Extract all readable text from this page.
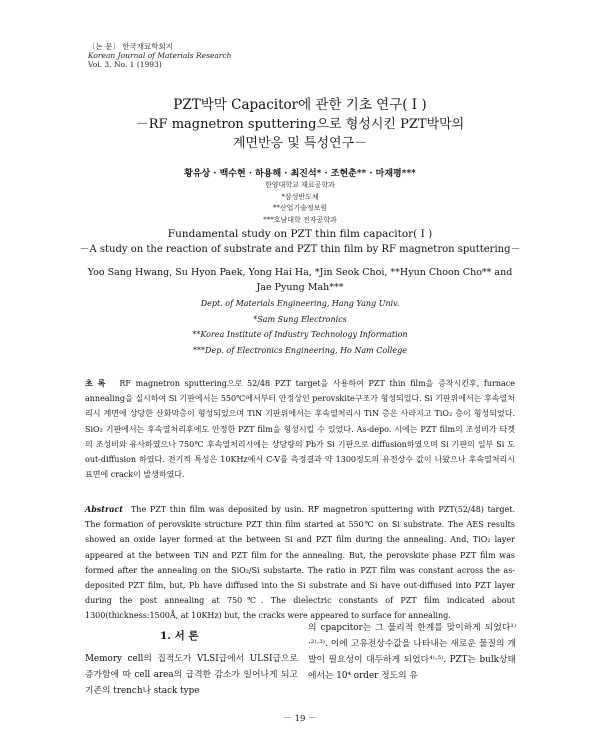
〔논 문〕 한국재료학회지
Korean Journal of Materials Research
Vol. 3, No. 1 (1993)
PZT박막 Capacitor에 관한 기초 연구( I )
－RF magnetron sputtering으로 형성시킨 PZT박막의
계면반응 및 특성연구－
황유상 · 백수현 · 하용해 · 최진석* · 조현춘** · 마재평***
한양대학교 재료공학과
*삼성반도체
**산업기술정보원
***호남대학 전자공학과
Fundamental study on PZT thin film capacitor( I )
－A study on the reaction of substrate and PZT thin film by RF magnetron sputtering－
Yoo Sang Hwang, Su Hyon Paek, Yong Hai Ha, *Jin Seok Choi, **Hyun Choon Cho** and
Jae Pyung Mah***
Dept. of Materials Engineering, Hang Yang Univ.
*Sam Sung Electronics
**Korea Institute of Industry Technology Information
***Dep. of Electronics Engineering, Ho Nam College
초 록 RF magnetron sputtering으로 52/48 PZT target을 사용하여 PZT thin film을 증착시킨후, furnace annealing을 실시하여 Si 기판에서는 550℃에서부터 안정상인 perovskite구조가 형성되었다. Si 기판위에서는 후속열처리시 계면에 상당한 산화막층이 형성되었으며 TiN 기판위에서는 후속열처리시 TiN 층은 사라지고 TiO₂ 층이 형성되었다. SiO₂ 기판에서는 후속열처리후에도 안정한 PZT film을 형성시킬 수 있었다. As-depo. 시에는 PZT film의 조성비가 타겟의 조성비와 유사하였으나 750℃ 후속열처리시에는 상당량의 Pb가 Si 기판으로 diffusion하였으며 Si 기판의 일부 Si 도 out-diffusion 하였다. 전기적 특성은 10KHz에서 C-V를 측정결과 약 1300정도의 유전상수 값이 나왔으나 후속열처리시 표면에 crack이 발생하였다.
Abstract The PZT thin film was deposited by usin. RF magnetron sputtering with PZT(52/48) target. The formation of perovskite structure PZT thin film started at 550℃ on Si substrate. The AES results showed an oxide layer formed at the between Si and PZT film during the annealing. And, TiO₂ layer appeared at the between TiN and PZT film for the annealing. But, the perovskite phase PZT film was formed after the annealing on the SiO₂/Si substarte. The ratio in PZT film was constant across the as-deposited PZT film, but, Pb have diffused into the Si substrate and Si have out-diffused into PZT layer during the post annealing at 750℃. The dielectric constants of PZT film indicated about 1300(thickness:1500Å, at 10KHz) but, the cracks were appeared to surface for annealing.
1. 서 론
Memory cell의 집적도가 VLSI급에서 ULSI급으로 증가함에 따 cell area의 급격한 감소가 일어나게 되고 기존의 trench나 stack type
의 cpapcitor는 그 물리적 한계를 맞이하게 되었다¹⁾·²⁾·³⁾. 이에 고유전상수값을 나타내는 새로운 물질의 개발이 필요성이 대두하게 되었다⁴⁾·⁵⁾. PZT는 bulk상태에서는 10⁴ order 정도의 유
－ 19 －
